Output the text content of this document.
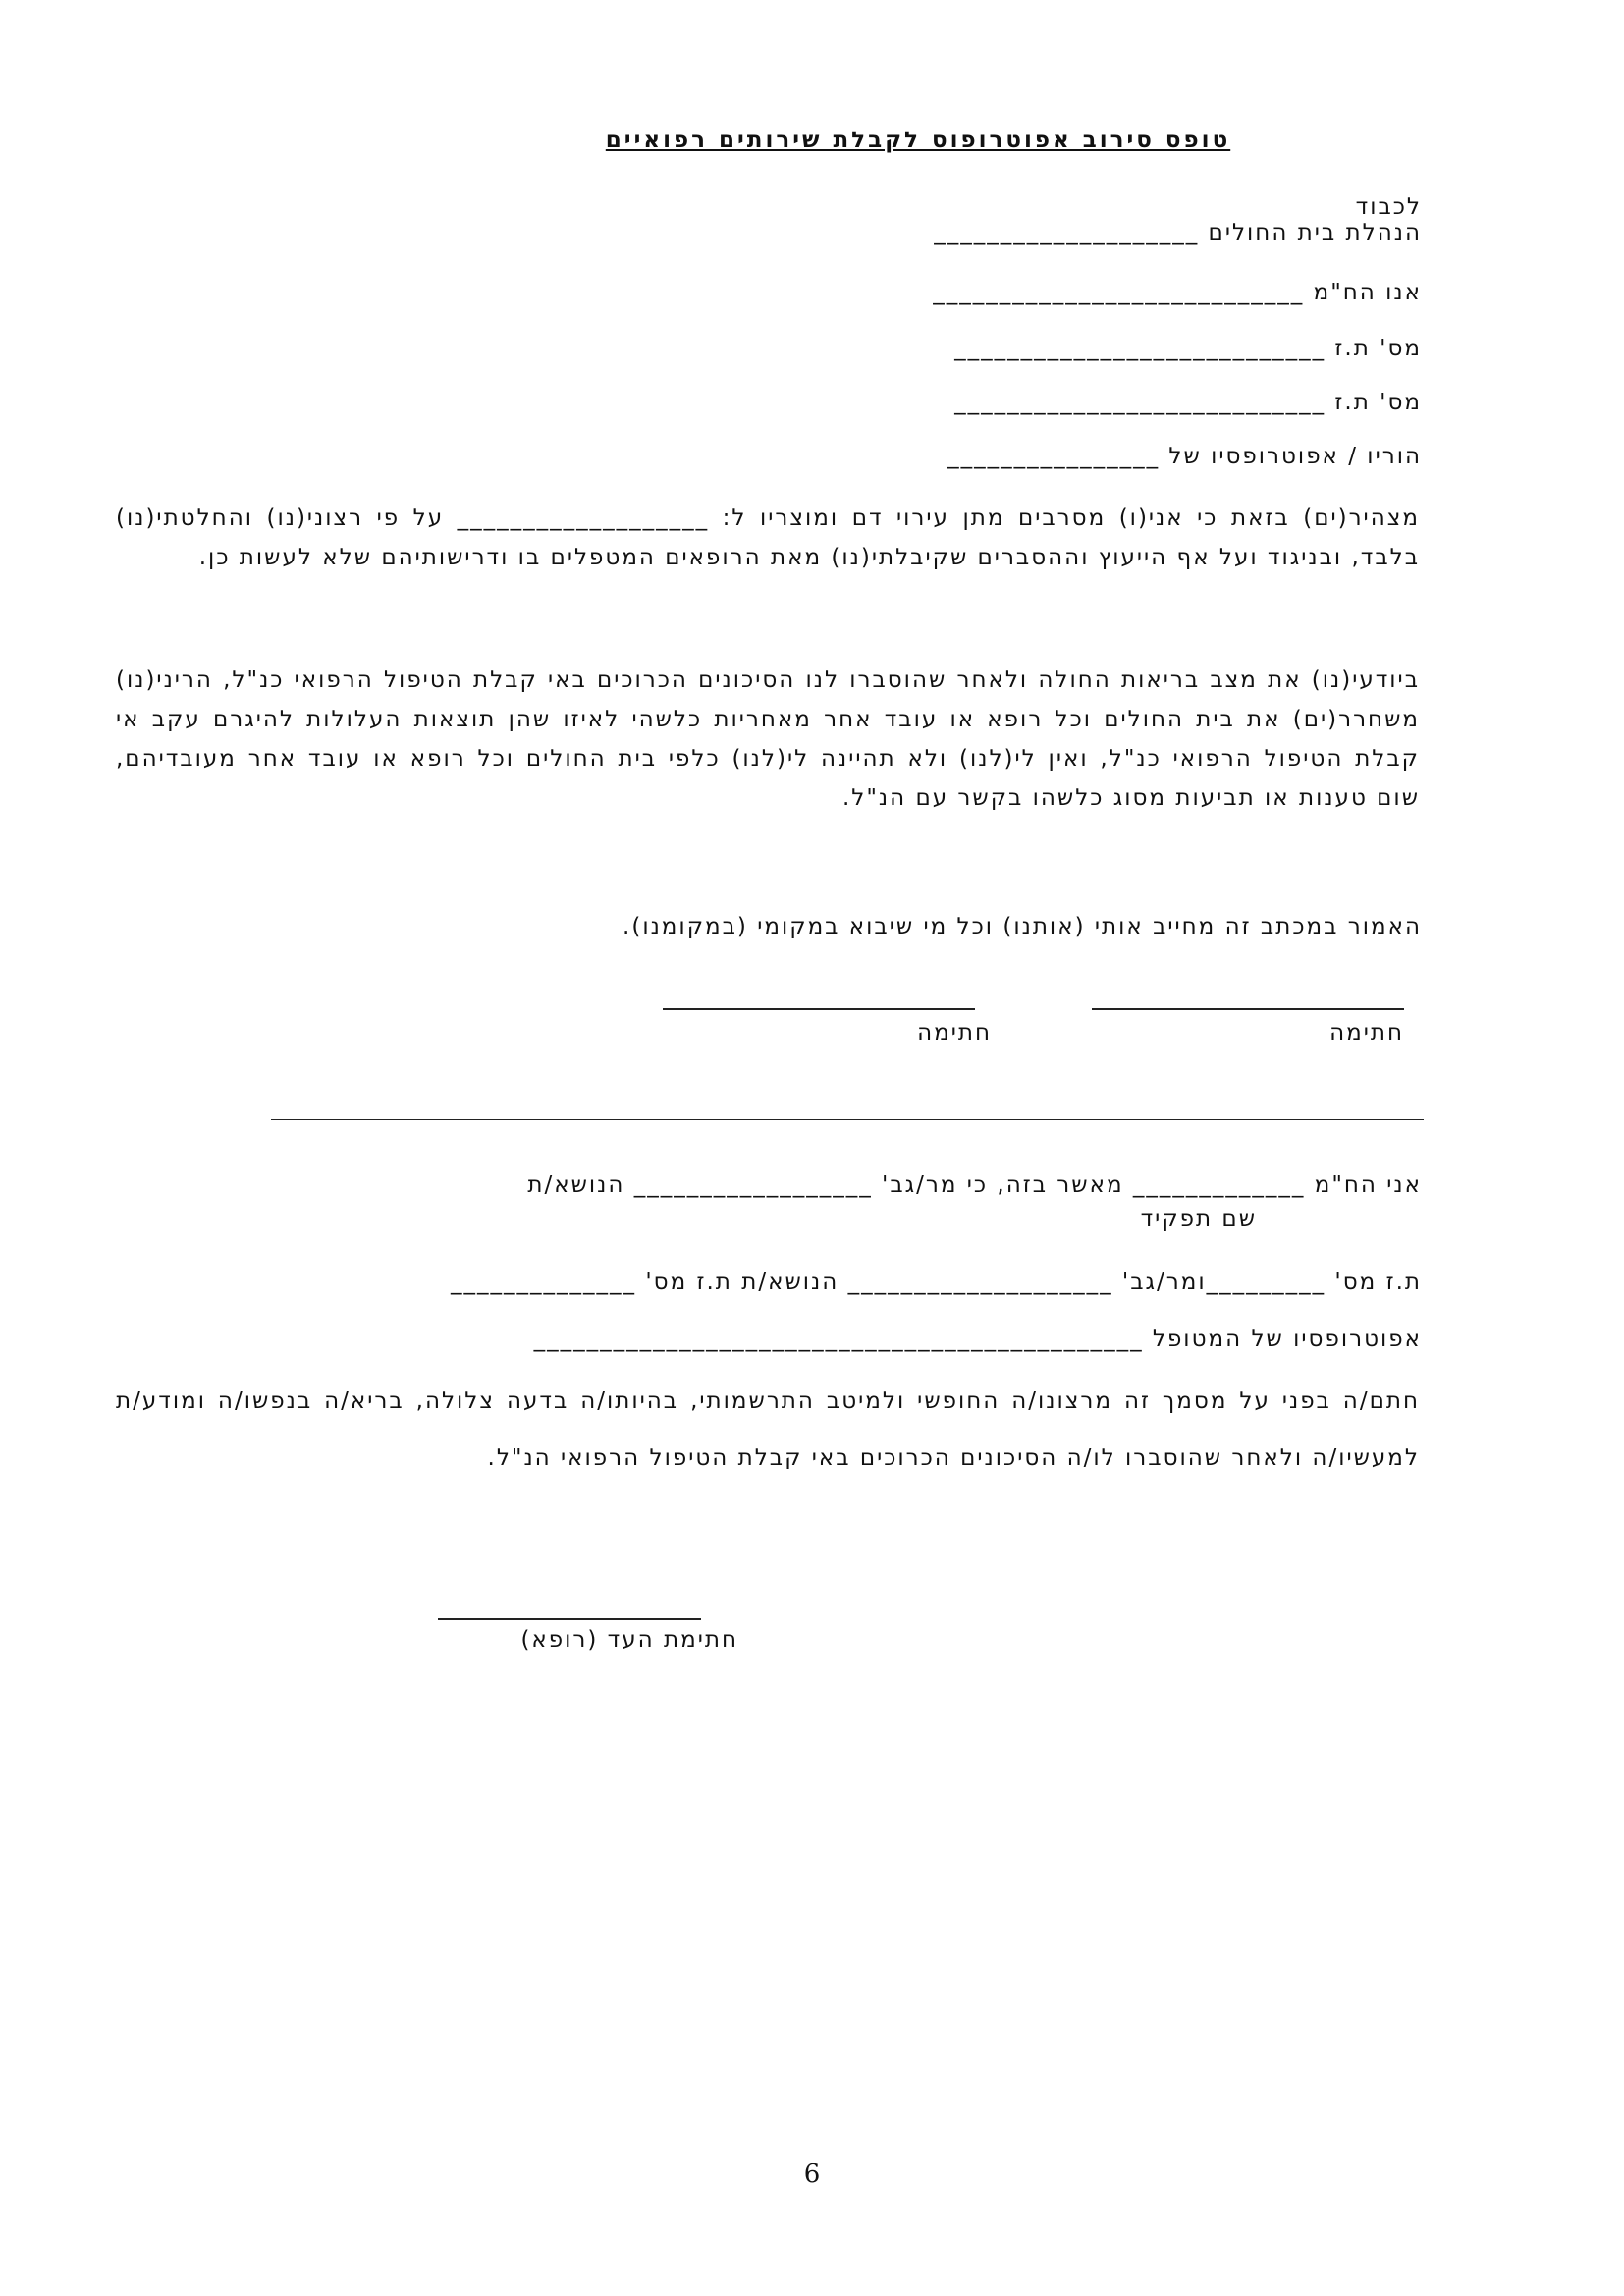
טופס סירוב אפוטרופוס לקבלת שירותים רפואיים
לכבוד
הנהלת בית החולים ____________________
אנו הח"מ ____________________________
מס' ת.ז ____________________________
מס' ת.ז ____________________________
הוריו / אפוטרופסיו של ________________
מצהיר(ים) בזאת כי אני(ו) מסרבים מתן עירוי דם ומוצריו ל: ___________________ על פי רצוני(נו) והחלטתי(נו) בלבד, ובניגוד ועל אף הייעוץ וההסברים שקיבלתי(נו) מאת הרופאים המטפלים בו ודרישותיהם שלא לעשות כן.
ביודעי(נו) את מצב בריאות החולה ולאחר שהוסברו לנו הסיכונים הכרוכים באי קבלת הטיפול הרפואי כנ"ל, הריני(נו) משחרר(ים) את בית החולים וכל רופא או עובד אחר מאחריות כלשהי לאיזו שהן תוצאות העלולות להיגרם עקב אי קבלת הטיפול הרפואי כנ"ל, ואין לי(לנו) ולא תהיינה לי(לנו) כלפי בית החולים וכל רופא או עובד אחר מעובדיהם, שום טענות או תביעות מסוג כלשהו בקשר עם הנ"ל.
האמור במכתב זה מחייב אותי (אותנו) וכל מי שיבוא במקומי (במקומנו).
חתימה
חתימה
אני הח"מ _____________ מאשר בזה, כי מר/גב' __________________ הנושא/ת
שם תפקיד
ת.ז מס' _________ומר/גב' ____________________ הנושא/ת ת.ז מס' ______________
אפוטרופסיו של המטופל ______________________________________________
חתם/ה בפני על מסמך זה מרצונו/ה החופשי ולמיטב התרשמותי, בהיותו/ה בדעה צלולה, בריא/ה בנפשו/ה ומודע/ת למעשיו/ה ולאחר שהוסברו לו/ה הסיכונים הכרוכים באי קבלת הטיפול הרפואי הנ"ל.
חתימת העד (רופא)
6
